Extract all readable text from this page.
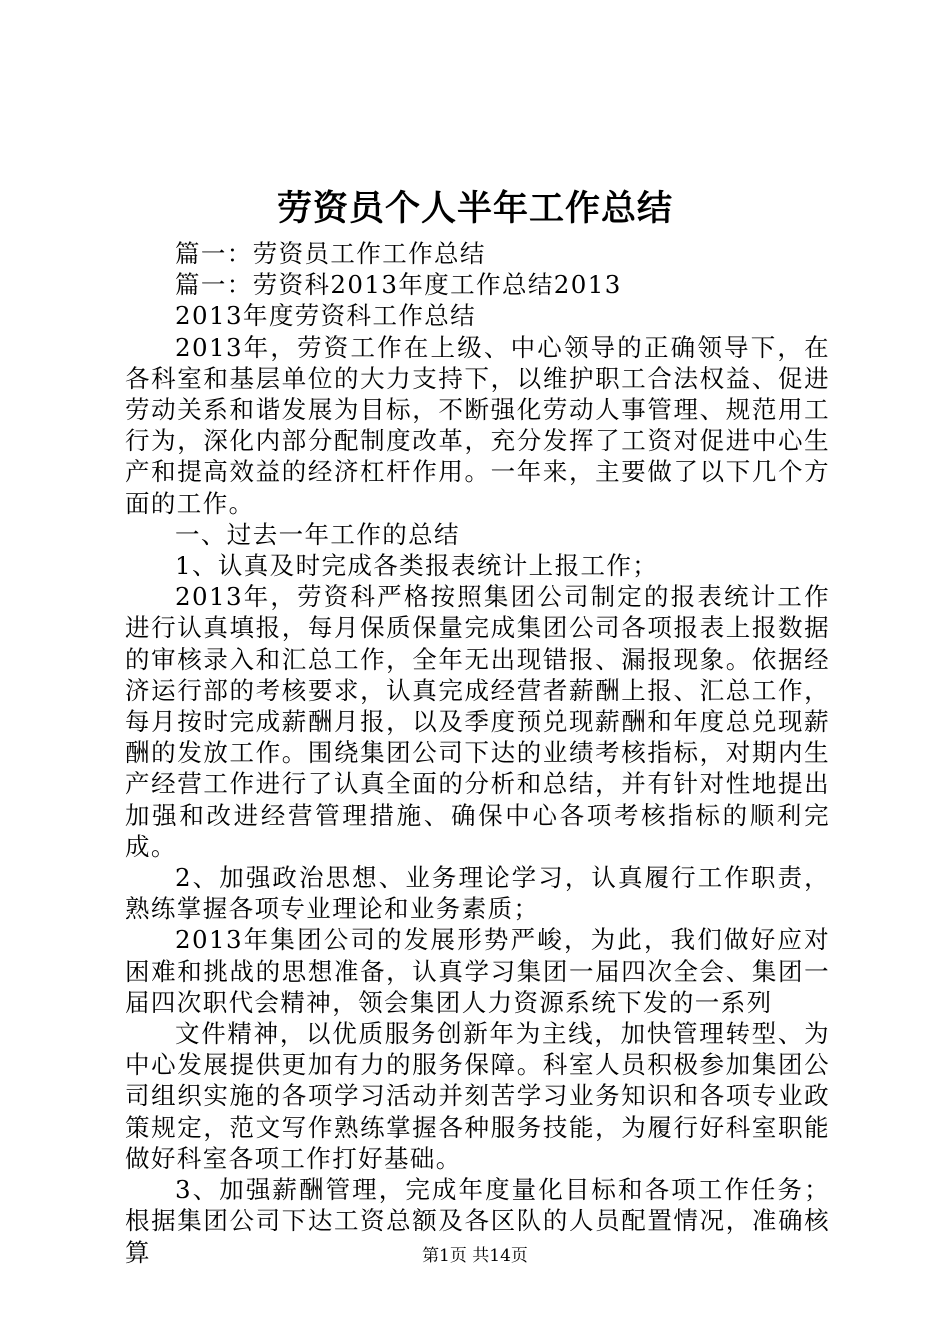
劳资员个人半年工作总结

篇一：劳资员工作工作总结

篇一：劳资科2013年度工作总结2013

2013年度劳资科工作总结

2013年，劳资工作在上级、中心领导的正确领导下，在各科室和基层单位的大力支持下，以维护职工合法权益、促进劳动关系和谐发展为目标，不断强化劳动人事管理、规范用工行为，深化内部分配制度改革，充分发挥了工资对促进中心生产和提高效益的经济杠杆作用。一年来，主要做了以下几个方面的工作。

一、过去一年工作的总结

1、认真及时完成各类报表统计上报工作；

2013年，劳资科严格按照集团公司制定的报表统计工作进行认真填报，每月保质保量完成集团公司各项报表上报数据的审核录入和汇总工作，全年无出现错报、漏报现象。依据经济运行部的考核要求，认真完成经营者薪酬上报、汇总工作，每月按时完成薪酬月报，以及季度预兑现薪酬和年度总兑现薪酬的发放工作。围绕集团公司下达的业绩考核指标，对期内生产经营工作进行了认真全面的分析和总结，并有针对性地提出加强和改进经营管理措施、确保中心各项考核指标的顺利完成。

2、加强政治思想、业务理论学习，认真履行工作职责，熟练掌握各项专业理论和业务素质；

2013年集团公司的发展形势严峻，为此，我们做好应对困难和挑战的思想准备，认真学习集团一届四次全会、集团一届四次职代会精神，领会集团人力资源系统下发的一系列

文件精神，以优质服务创新年为主线，加快管理转型、为中心发展提供更加有力的服务保障。科室人员积极参加集团公司组织实施的各项学习活动并刻苦学习业务知识和各项专业政策规定，范文写作熟练掌握各种服务技能，为履行好科室职能做好科室各项工作打好基础。

3、加强薪酬管理，完成年度量化目标和各项工作任务；根据集团公司下达工资总额及各区队的人员配置情况，准确核算	第1页 共14页
